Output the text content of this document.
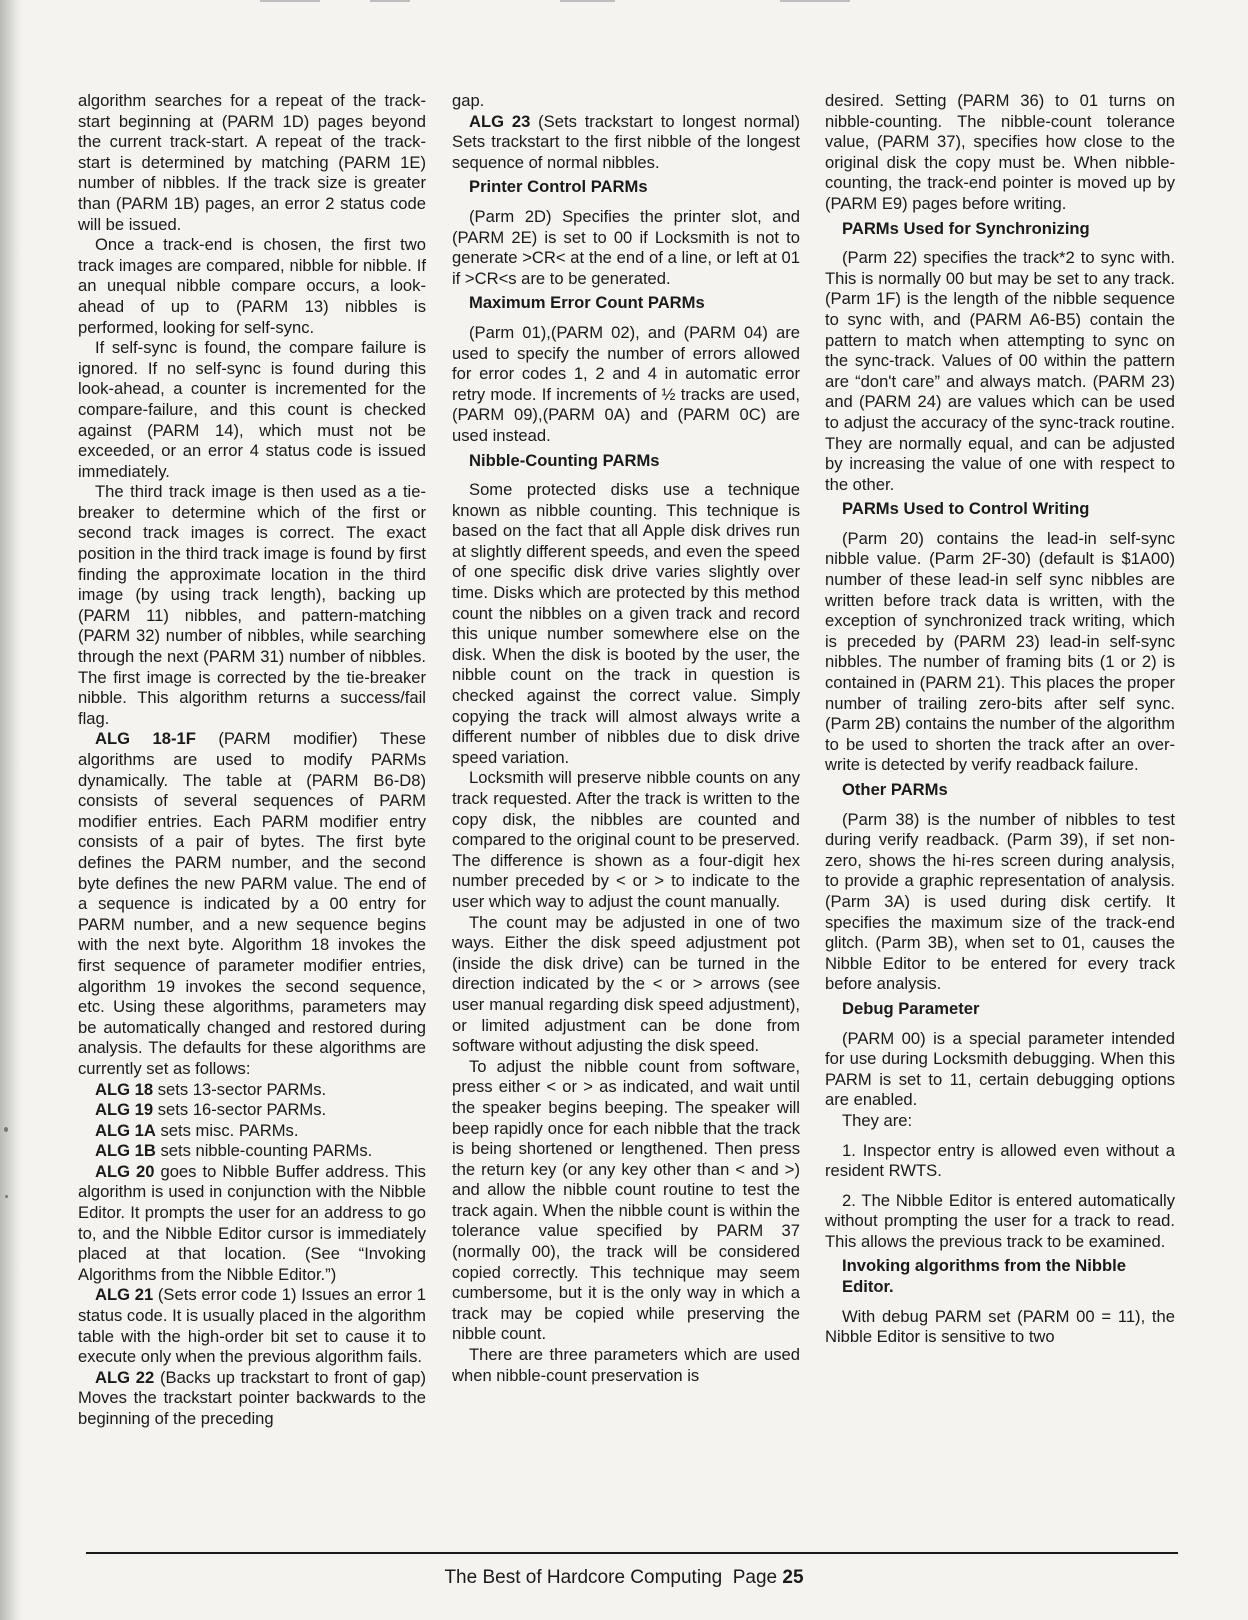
algorithm searches for a repeat of the track-start beginning at (PARM 1D) pages beyond the current track-start. A repeat of the track-start is determined by matching (PARM 1E) number of nibbles. If the track size is greater than (PARM 1B) pages, an error 2 status code will be issued.

Once a track-end is chosen, the first two track images are compared, nibble for nibble. If an unequal nibble compare occurs, a look-ahead of up to (PARM 13) nibbles is performed, looking for self-sync.

If self-sync is found, the compare failure is ignored. If no self-sync is found during this look-ahead, a counter is incremented for the compare-failure, and this count is checked against (PARM 14), which must not be exceeded, or an error 4 status code is issued immediately.

The third track image is then used as a tie-breaker to determine which of the first or second track images is correct. The exact position in the third track image is found by first finding the approximate location in the third image (by using track length), backing up (PARM 11) nibbles, and pattern-matching (PARM 32) number of nibbles, while searching through the next (PARM 31) number of nibbles. The first image is corrected by the tie-breaker nibble. This algorithm returns a success/fail flag.

ALG 18-1F (PARM modifier) These algorithms are used to modify PARMs dynamically. The table at (PARM B6-D8) consists of several sequences of PARM modifier entries. Each PARM modifier entry consists of a pair of bytes. The first byte defines the PARM number, and the second byte defines the new PARM value. The end of a sequence is indicated by a 00 entry for PARM number, and a new sequence begins with the next byte. Algorithm 18 invokes the first sequence of parameter modifier entries, algorithm 19 invokes the second sequence, etc. Using these algorithms, parameters may be automatically changed and restored during analysis. The defaults for these algorithms are currently set as follows:

ALG 18 sets 13-sector PARMs.

ALG 19 sets 16-sector PARMs.

ALG 1A sets misc. PARMs.

ALG 1B sets nibble-counting PARMs.

ALG 20 goes to Nibble Buffer address. This algorithm is used in conjunction with the Nibble Editor. It prompts the user for an address to go to, and the Nibble Editor cursor is immediately placed at that location. (See “Invoking Algorithms from the Nibble Editor.”)

ALG 21 (Sets error code 1) Issues an error 1 status code. It is usually placed in the algorithm table with the high-order bit set to cause it to execute only when the previous algorithm fails.

ALG 22 (Backs up trackstart to front of gap) Moves the trackstart pointer backwards to the beginning of the preceding

gap.

ALG 23 (Sets trackstart to longest normal) Sets trackstart to the first nibble of the longest sequence of normal nibbles.

Printer Control PARMs

(Parm 2D) Specifies the printer slot, and (PARM 2E) is set to 00 if Locksmith is not to generate >CR< at the end of a line, or left at 01 if >CR<s are to be generated.

Maximum Error Count PARMs

(Parm 01),(PARM 02), and (PARM 04) are used to specify the number of errors allowed for error codes 1, 2 and 4 in automatic error retry mode. If increments of ½ tracks are used, (PARM 09),(PARM 0A) and (PARM 0C) are used instead.

Nibble-Counting PARMs

Some protected disks use a technique known as nibble counting. This technique is based on the fact that all Apple disk drives run at slightly different speeds, and even the speed of one specific disk drive varies slightly over time. Disks which are protected by this method count the nibbles on a given track and record this unique number somewhere else on the disk. When the disk is booted by the user, the nibble count on the track in question is checked against the correct value. Simply copying the track will almost always write a different number of nibbles due to disk drive speed variation.

Locksmith will preserve nibble counts on any track requested. After the track is written to the copy disk, the nibbles are counted and compared to the original count to be preserved. The difference is shown as a four-digit hex number preceded by < or > to indicate to the user which way to adjust the count manually.

The count may be adjusted in one of two ways. Either the disk speed adjustment pot (inside the disk drive) can be turned in the direction indicated by the < or > arrows (see user manual regarding disk speed adjustment), or limited adjustment can be done from software without adjusting the disk speed.

To adjust the nibble count from software, press either < or > as indicated, and wait until the speaker begins beeping. The speaker will beep rapidly once for each nibble that the track is being shortened or lengthened. Then press the return key (or any key other than < and >) and allow the nibble count routine to test the track again. When the nibble count is within the tolerance value specified by PARM 37 (normally 00), the track will be considered copied correctly. This technique may seem cumbersome, but it is the only way in which a track may be copied while preserving the nibble count.

There are three parameters which are used when nibble-count preservation is

desired. Setting (PARM 36) to 01 turns on nibble-counting. The nibble-count tolerance value, (PARM 37), specifies how close to the original disk the copy must be. When nibble-counting, the track-end pointer is moved up by (PARM E9) pages before writing.

PARMs Used for Synchronizing

(Parm 22) specifies the track*2 to sync with. This is normally 00 but may be set to any track. (Parm 1F) is the length of the nibble sequence to sync with, and (PARM A6-B5) contain the pattern to match when attempting to sync on the sync-track. Values of 00 within the pattern are “don't care” and always match. (PARM 23) and (PARM 24) are values which can be used to adjust the accuracy of the sync-track routine. They are normally equal, and can be adjusted by increasing the value of one with respect to the other.

PARMs Used to Control Writing

(Parm 20) contains the lead-in self-sync nibble value. (Parm 2F-30) (default is $1A00) number of these lead-in self sync nibbles are written before track data is written, with the exception of synchronized track writing, which is preceded by (PARM 23) lead-in self-sync nibbles. The number of framing bits (1 or 2) is contained in (PARM 21). This places the proper number of trailing zero-bits after self sync. (Parm 2B) contains the number of the algorithm to be used to shorten the track after an over-write is detected by verify readback failure.

Other PARMs

(Parm 38) is the number of nibbles to test during verify readback. (Parm 39), if set non-zero, shows the hi-res screen during analysis, to provide a graphic representation of analysis. (Parm 3A) is used during disk certify. It specifies the maximum size of the track-end glitch. (Parm 3B), when set to 01, causes the Nibble Editor to be entered for every track before analysis.

Debug Parameter

(PARM 00) is a special parameter intended for use during Locksmith debugging. When this PARM is set to 11, certain debugging options are enabled.

They are:

1. Inspector entry is allowed even without a resident RWTS.

2. The Nibble Editor is entered automatically without prompting the user for a track to read. This allows the previous track to be examined.

Invoking algorithms from the Nibble Editor.

With debug PARM set (PARM 00 = 11), the Nibble Editor is sensitive to two

The Best of Hardcore Computing  Page 25
